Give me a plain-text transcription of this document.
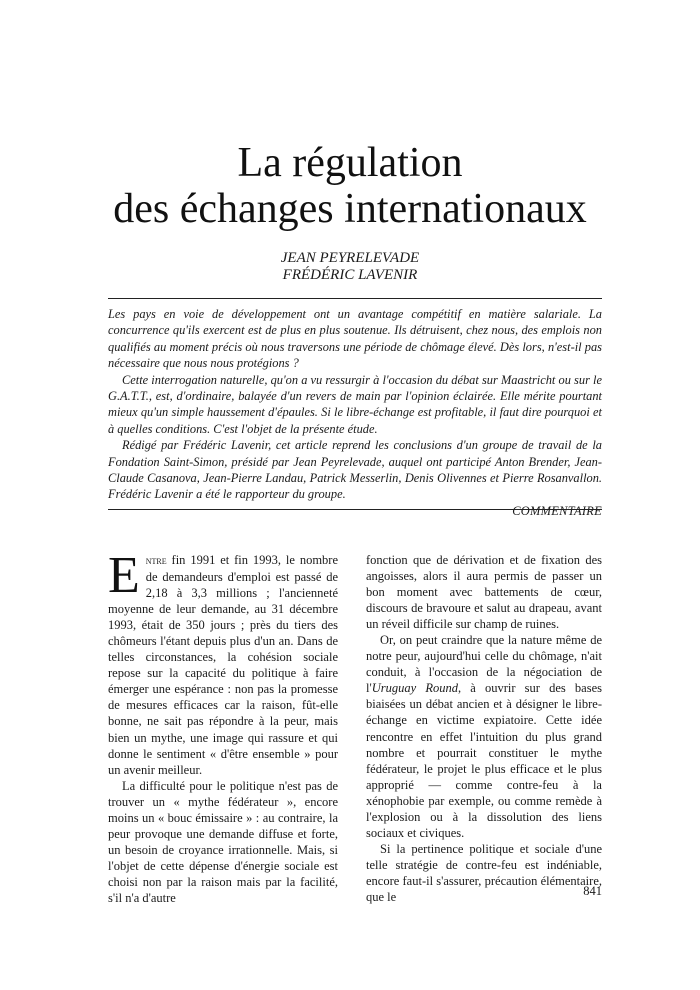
La régulation
des échanges internationaux
JEAN PEYRELEVADE
FRÉDÉRIC LAVENIR

Les pays en voie de développement ont un avantage compétitif en matière salariale. La concurrence qu'ils exercent est de plus en plus soutenue. Ils détruisent, chez nous, des emplois non qualifiés au moment précis où nous traversons une période de chômage élevé. Dès lors, n'est-il pas nécessaire que nous nous protégions ?

Cette interrogation naturelle, qu'on a vu ressurgir à l'occasion du débat sur Maastricht ou sur le G.A.T.T., est, d'ordinaire, balayée d'un revers de main par l'opinion éclairée. Elle mérite pourtant mieux qu'un simple haussement d'épaules. Si le libre-échange est profitable, il faut dire pourquoi et à quelles conditions. C'est l'objet de la présente étude.

Rédigé par Frédéric Lavenir, cet article reprend les conclusions d'un groupe de travail de la Fondation Saint-Simon, présidé par Jean Peyrelevade, auquel ont participé Anton Brender, Jean-Claude Casanova, Jean-Pierre Landau, Patrick Messerlin, Denis Olivennes et Pierre Rosanvallon. Frédéric Lavenir a été le rapporteur du groupe.

COMMENTAIRE

Entre fin 1991 et fin 1993, le nombre de demandeurs d'emploi est passé de 2,18 à 3,3 millions ; l'ancienneté moyenne de leur demande, au 31 décembre 1993, était de 350 jours ; près du tiers des chômeurs l'étant depuis plus d'un an. Dans de telles circonstances, la cohésion sociale repose sur la capacité du politique à faire émerger une espérance : non pas la promesse de mesures efficaces car la raison, fût-elle bonne, ne sait pas répondre à la peur, mais bien un mythe, une image qui rassure et qui donne le sentiment « d'être ensemble » pour un avenir meilleur.

La difficulté pour le politique n'est pas de trouver un « mythe fédérateur », encore moins un « bouc émissaire » : au contraire, la peur provoque une demande diffuse et forte, un besoin de croyance irrationnelle. Mais, si l'objet de cette dépense d'énergie sociale est choisi non par la raison mais par la facilité, s'il n'a d'autre

fonction que de dérivation et de fixation des angoisses, alors il aura permis de passer un bon moment avec battements de cœur, discours de bravoure et salut au drapeau, avant un réveil difficile sur champ de ruines.

Or, on peut craindre que la nature même de notre peur, aujourd'hui celle du chômage, n'ait conduit, à l'occasion de la négociation de l'Uruguay Round, à ouvrir sur des bases biaisées un débat ancien et à désigner le libre-échange en victime expiatoire. Cette idée rencontre en effet l'intuition du plus grand nombre et pourrait constituer le mythe fédérateur, le projet le plus efficace et le plus approprié — comme contre-feu à la xénophobie par exemple, ou comme remède à l'explosion ou à la dissolution des liens sociaux et civiques.

Si la pertinence politique et sociale d'une telle stratégie de contre-feu est indéniable, encore faut-il s'assurer, précaution élémentaire, que le	841
